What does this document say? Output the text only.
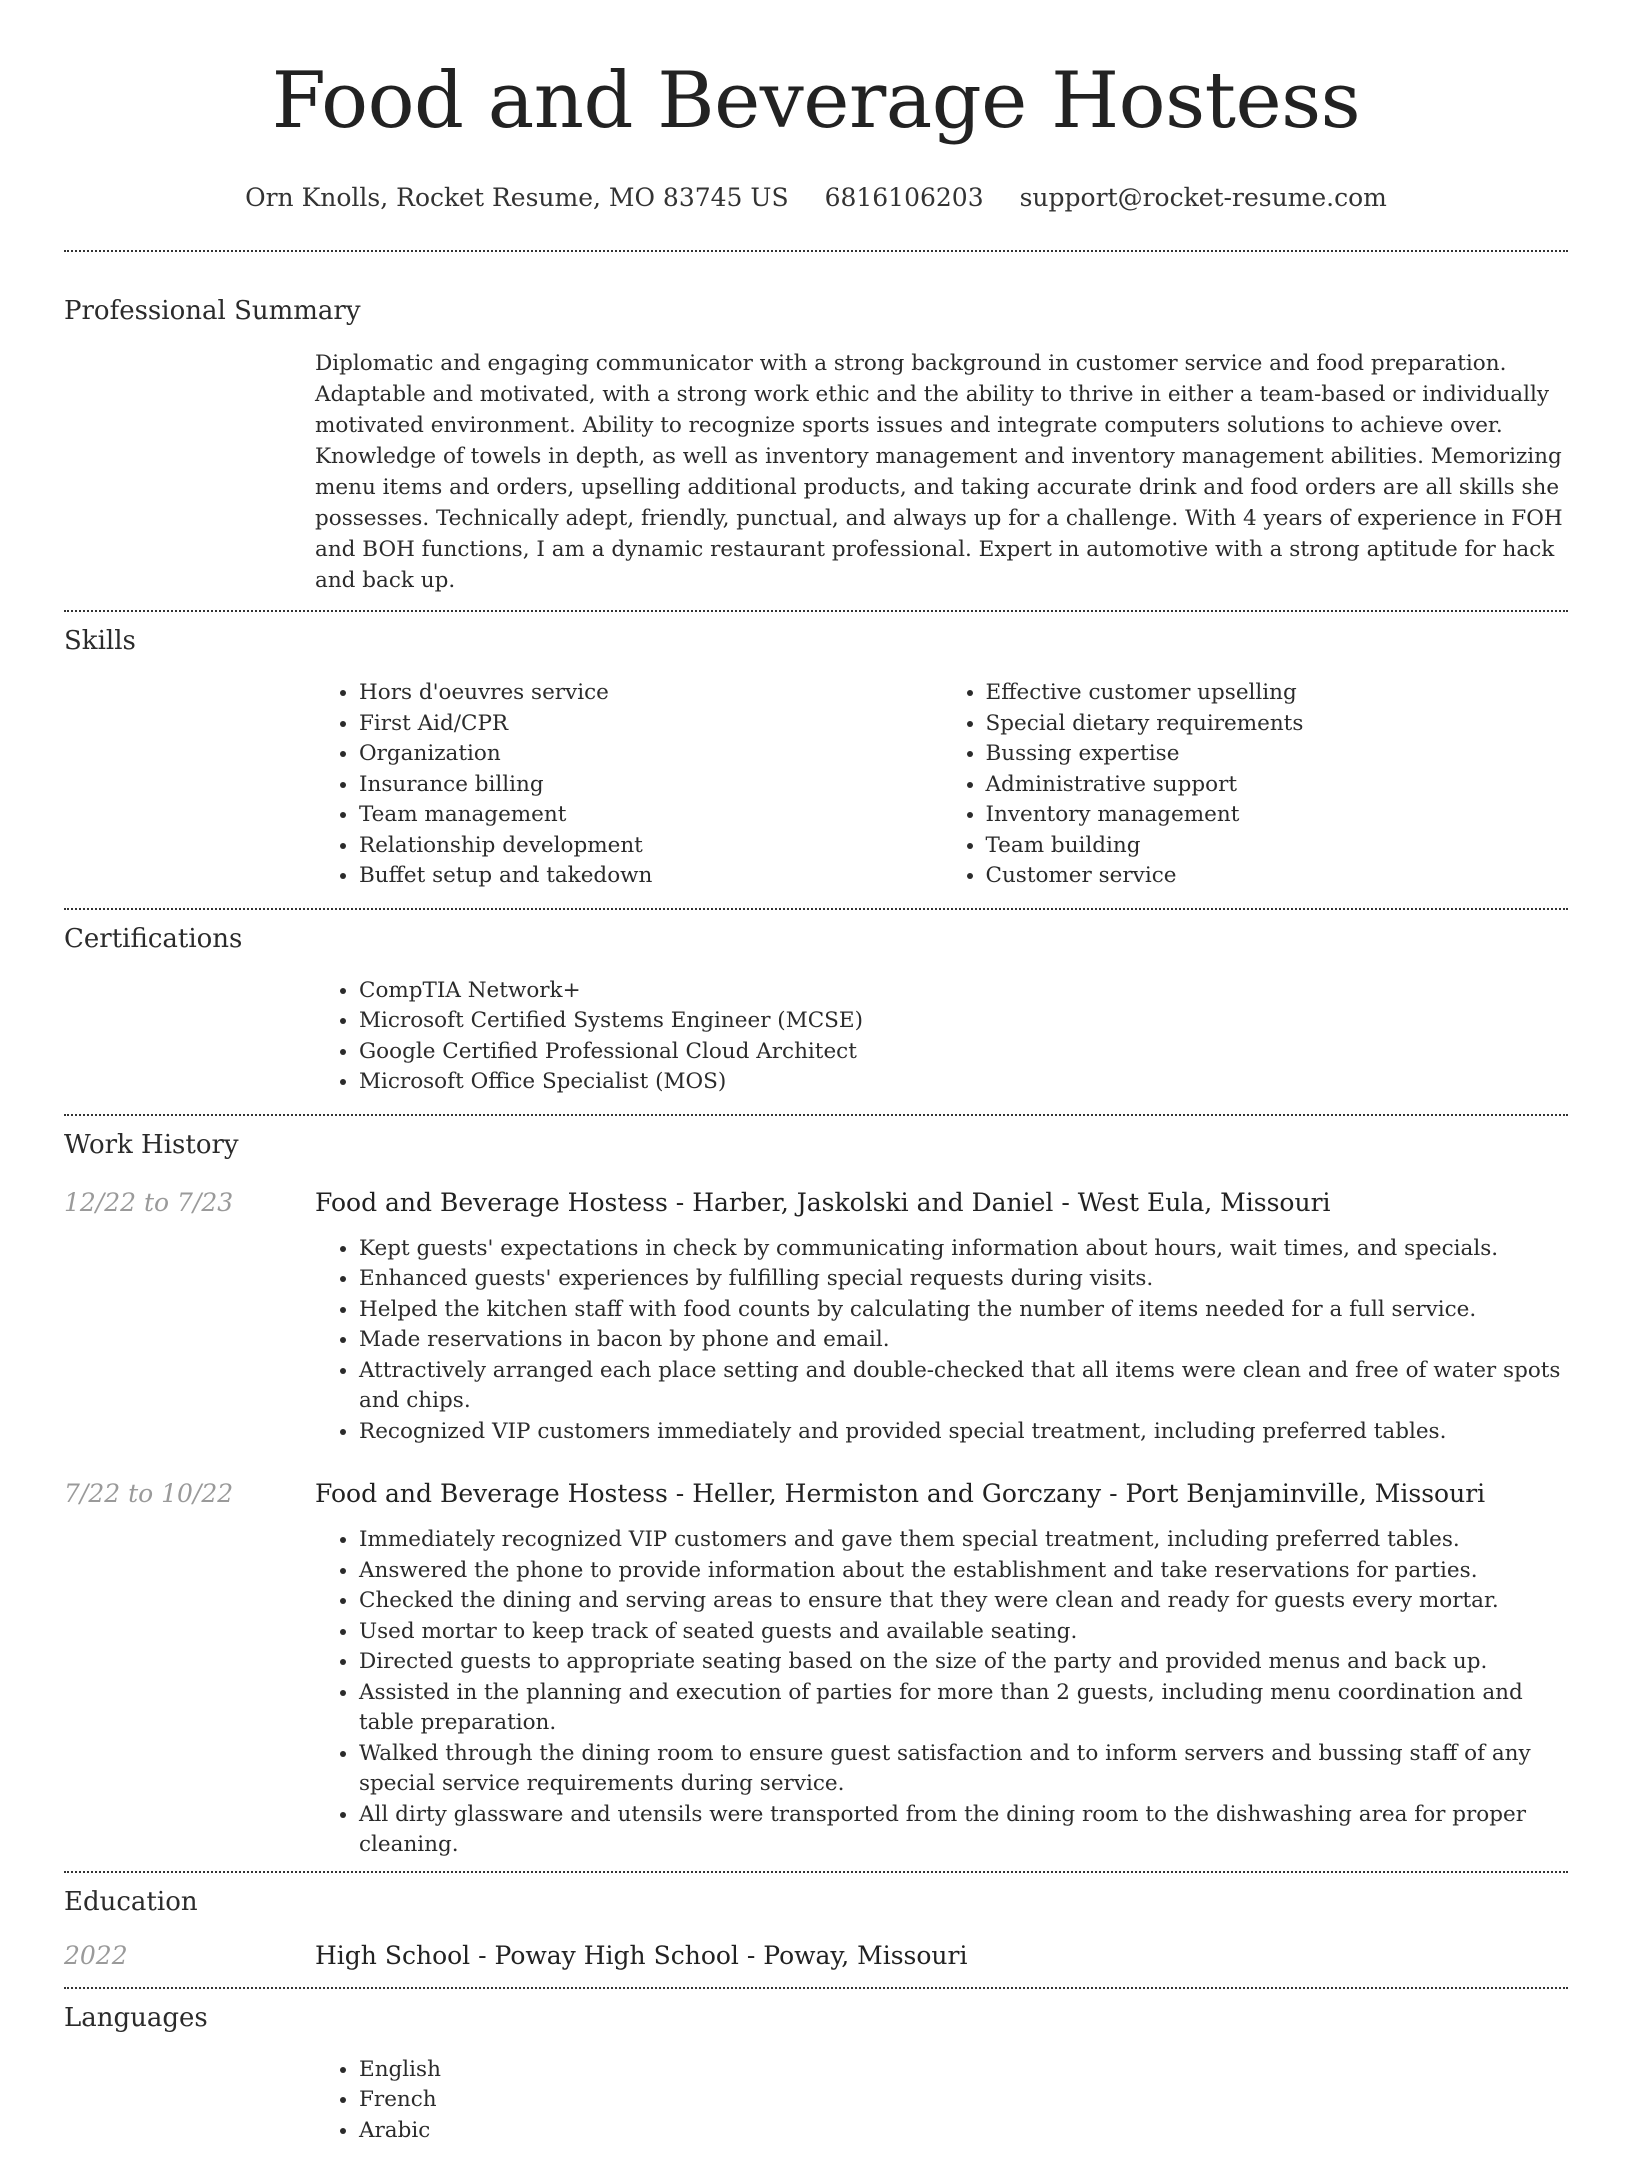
Food and Beverage Hostess
Orn Knolls, Rocket Resume, MO 83745 US 6816106203 support@rocket-resume.com
Professional Summary
Diplomatic and engaging communicator with a strong background in customer service and food preparation. Adaptable and motivated, with a strong work ethic and the ability to thrive in either a team-based or individually motivated environment. Ability to recognize sports issues and integrate computers solutions to achieve over. Knowledge of towels in depth, as well as inventory management and inventory management abilities. Memorizing menu items and orders, upselling additional products, and taking accurate drink and food orders are all skills she possesses. Technically adept, friendly, punctual, and always up for a challenge. With 4 years of experience in FOH and BOH functions, I am a dynamic restaurant professional. Expert in automotive with a strong aptitude for hack and back up.
Skills
• Hors d'oeuvres service
• First Aid/CPR
• Organization
• Insurance billing
• Team management
• Relationship development
• Buffet setup and takedown
• Effective customer upselling
• Special dietary requirements
• Bussing expertise
• Administrative support
• Inventory management
• Team building
• Customer service
Certifications
• CompTIA Network+
• Microsoft Certified Systems Engineer (MCSE)
• Google Certified Professional Cloud Architect
• Microsoft Office Specialist (MOS)
Work History
12/22 to 7/23	Food and Beverage Hostess - Harber, Jaskolski and Daniel - West Eula, Missouri
• Kept guests' expectations in check by communicating information about hours, wait times, and specials.
• Enhanced guests' experiences by fulfilling special requests during visits.
• Helped the kitchen staff with food counts by calculating the number of items needed for a full service.
• Made reservations in bacon by phone and email.
• Attractively arranged each place setting and double-checked that all items were clean and free of water spots and chips.
• Recognized VIP customers immediately and provided special treatment, including preferred tables.
7/22 to 10/22	Food and Beverage Hostess - Heller, Hermiston and Gorczany - Port Benjaminville, Missouri
• Immediately recognized VIP customers and gave them special treatment, including preferred tables.
• Answered the phone to provide information about the establishment and take reservations for parties.
• Checked the dining and serving areas to ensure that they were clean and ready for guests every mortar.
• Used mortar to keep track of seated guests and available seating.
• Directed guests to appropriate seating based on the size of the party and provided menus and back up.
• Assisted in the planning and execution of parties for more than 2 guests, including menu coordination and table preparation.
• Walked through the dining room to ensure guest satisfaction and to inform servers and bussing staff of any special service requirements during service.
• All dirty glassware and utensils were transported from the dining room to the dishwashing area for proper cleaning.
Education
2022	High School - Poway High School - Poway, Missouri
Languages
• English
• French
• Arabic
